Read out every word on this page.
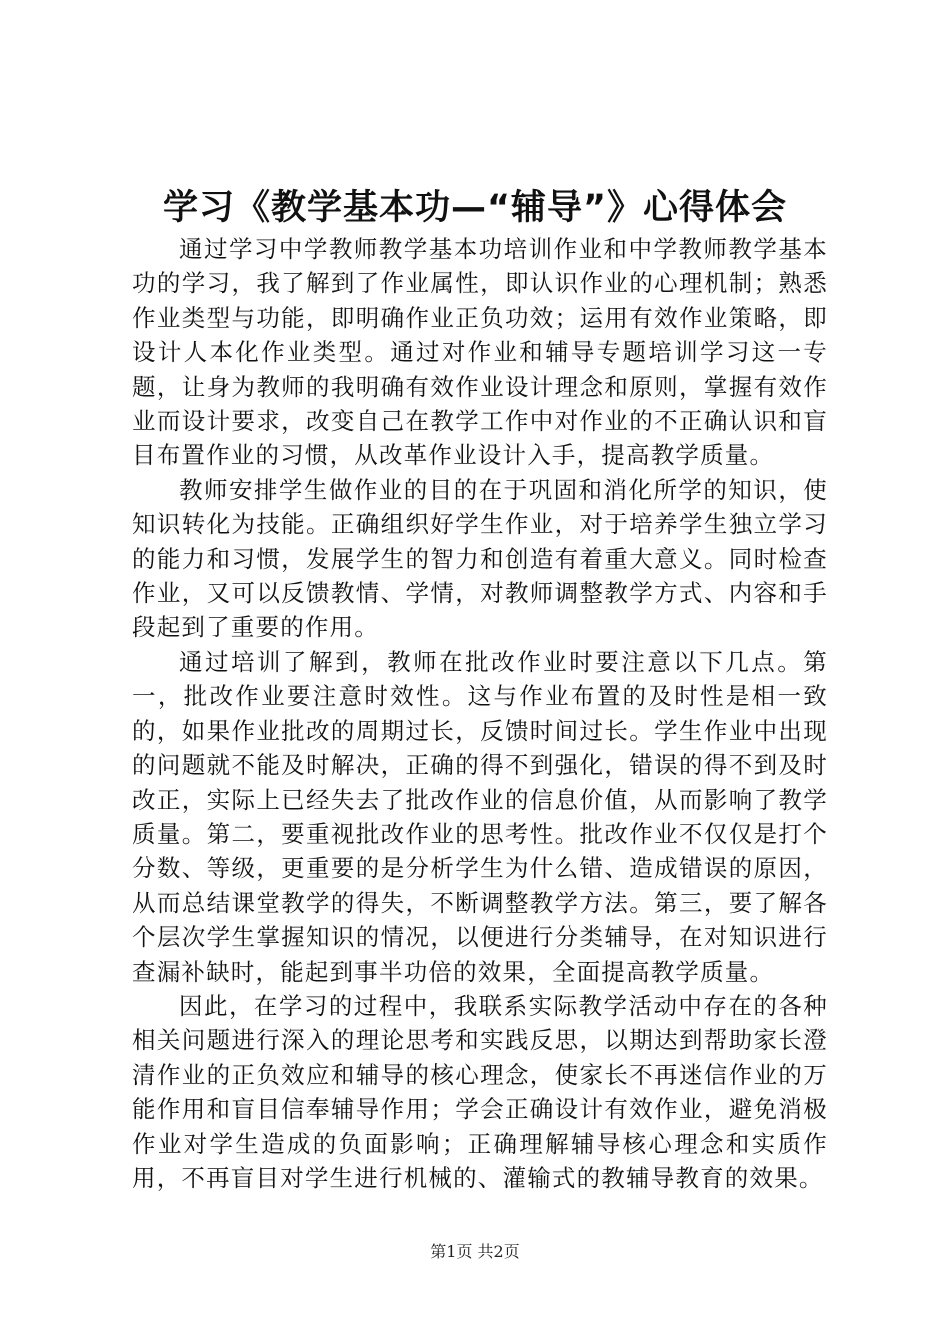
学习《教学基本功—“辅导”》心得体会

通过学习中学教师教学基本功培训作业和中学教师教学基本功的学习，我了解到了作业属性，即认识作业的心理机制；熟悉作业类型与功能，即明确作业正负功效；运用有效作业策略，即设计人本化作业类型。通过对作业和辅导专题培训学习这一专题，让身为教师的我明确有效作业设计理念和原则，掌握有效作业而设计要求，改变自己在教学工作中对作业的不正确认识和盲目布置作业的习惯，从改革作业设计入手，提高教学质量。

教师安排学生做作业的目的在于巩固和消化所学的知识，使知识转化为技能。正确组织好学生作业，对于培养学生独立学习的能力和习惯，发展学生的智力和创造有着重大意义。同时检查作业，又可以反馈教情、学情，对教师调整教学方式、内容和手段起到了重要的作用。

通过培训了解到，教师在批改作业时要注意以下几点。第一，批改作业要注意时效性。这与作业布置的及时性是相一致的，如果作业批改的周期过长，反馈时间过长。学生作业中出现的问题就不能及时解决，正确的得不到强化，错误的得不到及时改正，实际上已经失去了批改作业的信息价值，从而影响了教学质量。第二，要重视批改作业的思考性。批改作业不仅仅是打个分数、等级，更重要的是分析学生为什么错、造成错误的原因，从而总结课堂教学的得失，不断调整教学方法。第三，要了解各个层次学生掌握知识的情况，以便进行分类辅导，在对知识进行查漏补缺时，能起到事半功倍的效果，全面提高教学质量。

因此，在学习的过程中，我联系实际教学活动中存在的各种相关问题进行深入的理论思考和实践反思，以期达到帮助家长澄清作业的正负效应和辅导的核心理念，使家长不再迷信作业的万能作用和盲目信奉辅导作用；学会正确设计有效作业，避免消极作业对学生造成的负面影响；正确理解辅导核心理念和实质作用，不再盲目对学生进行机械的、灌输式的教辅导教育的效果。

第1页 共2页
